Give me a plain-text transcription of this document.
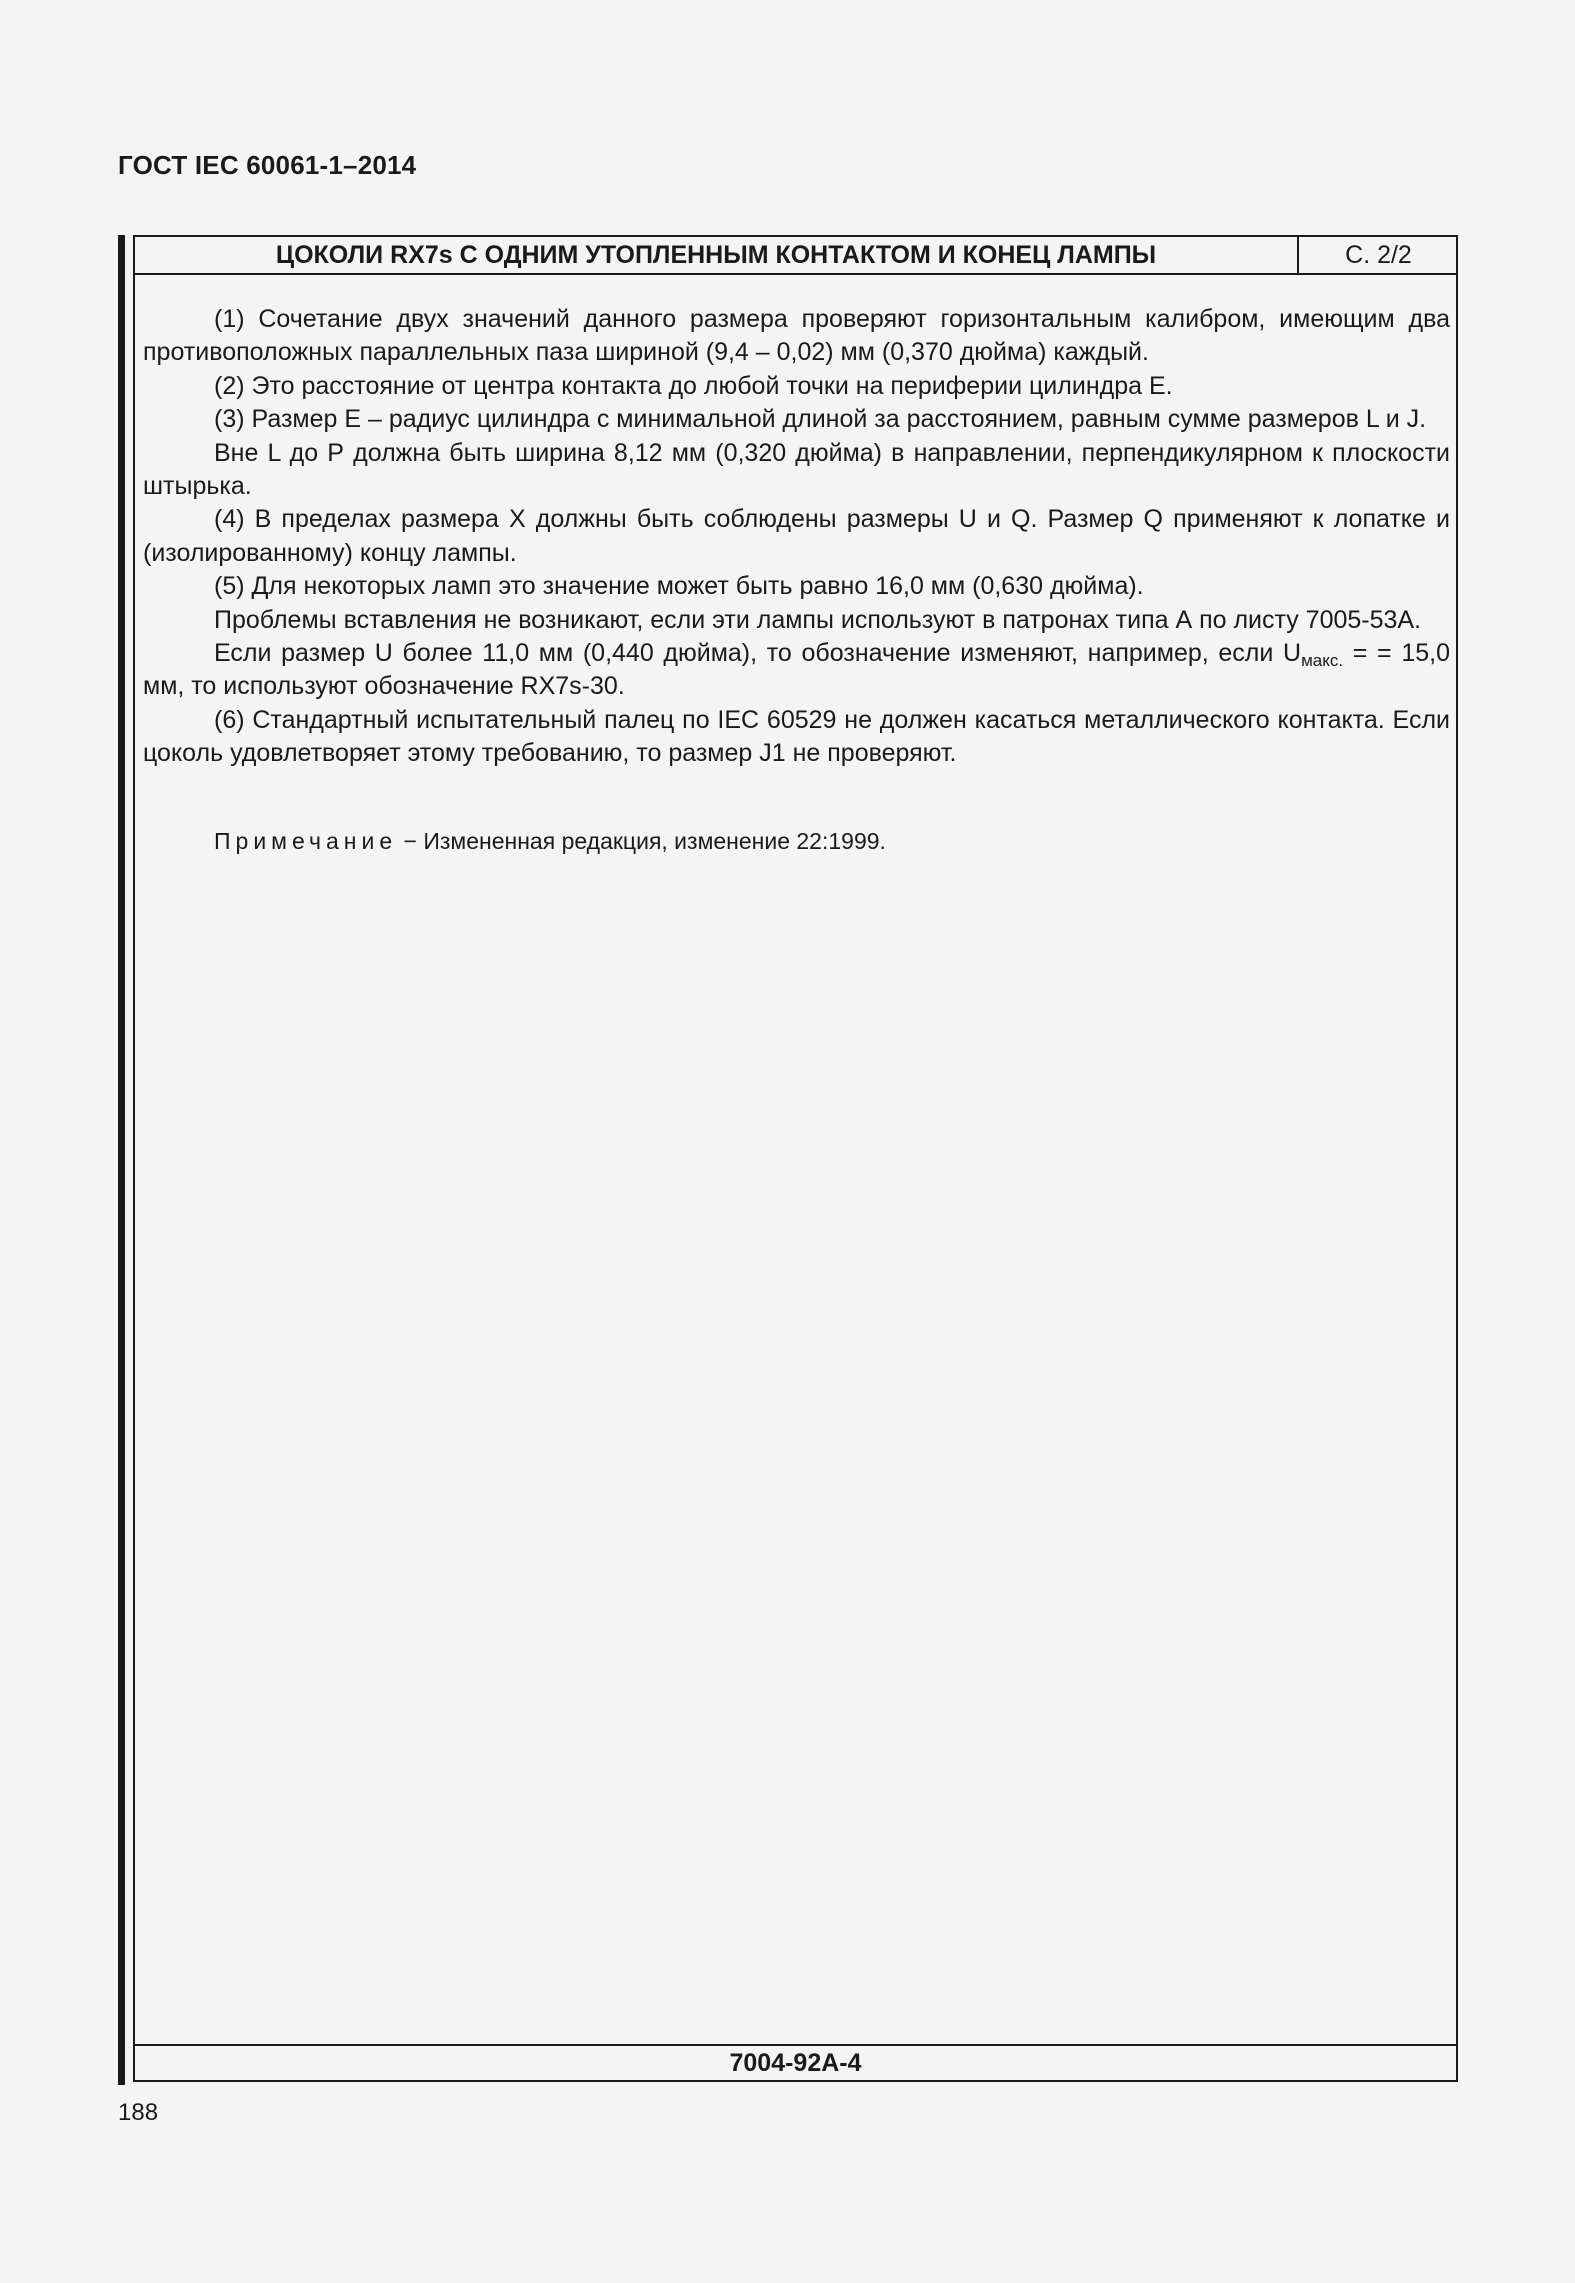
ГОСТ IEC 60061-1–2014
ЦОКОЛИ RX7s С ОДНИМ УТОПЛЕННЫМ КОНТАКТОМ И КОНЕЦ ЛАМПЫ	С. 2/2

(1) Сочетание двух значений данного размера проверяют горизонтальным калибром, имеющим два противоположных параллельных паза шириной (9,4 – 0,02) мм (0,370 дюйма) каждый.

(2) Это расстояние от центра контакта до любой точки на периферии цилиндра Е.

(3) Размер Е – радиус цилиндра с минимальной длиной за расстоянием, равным сумме размеров L и J.

Вне L до Р должна быть ширина 8,12 мм (0,320 дюйма) в направлении, перпендикулярном к плоскости штырька.

(4) В пределах размера Х должны быть соблюдены размеры U и Q. Размер Q применяют к лопатке и (изолированному) концу лампы.

(5) Для некоторых ламп это значение может быть равно 16,0 мм (0,630 дюйма).

Проблемы вставления не возникают, если эти лампы используют в патронах типа А по листу 7005-53А.

Если размер U более 11,0 мм (0,440 дюйма), то обозначение изменяют, например, если $U_{макс.}$ = = 15,0 мм, то используют обозначение RX7s-30.

(6) Стандартный испытательный палец по IEC 60529 не должен касаться металлического контакта. Если цоколь удовлетворяет этому требованию, то размер J1 не проверяют.

Примечание − Измененная редакция, изменение 22:1999.

7004-92А-4
188
